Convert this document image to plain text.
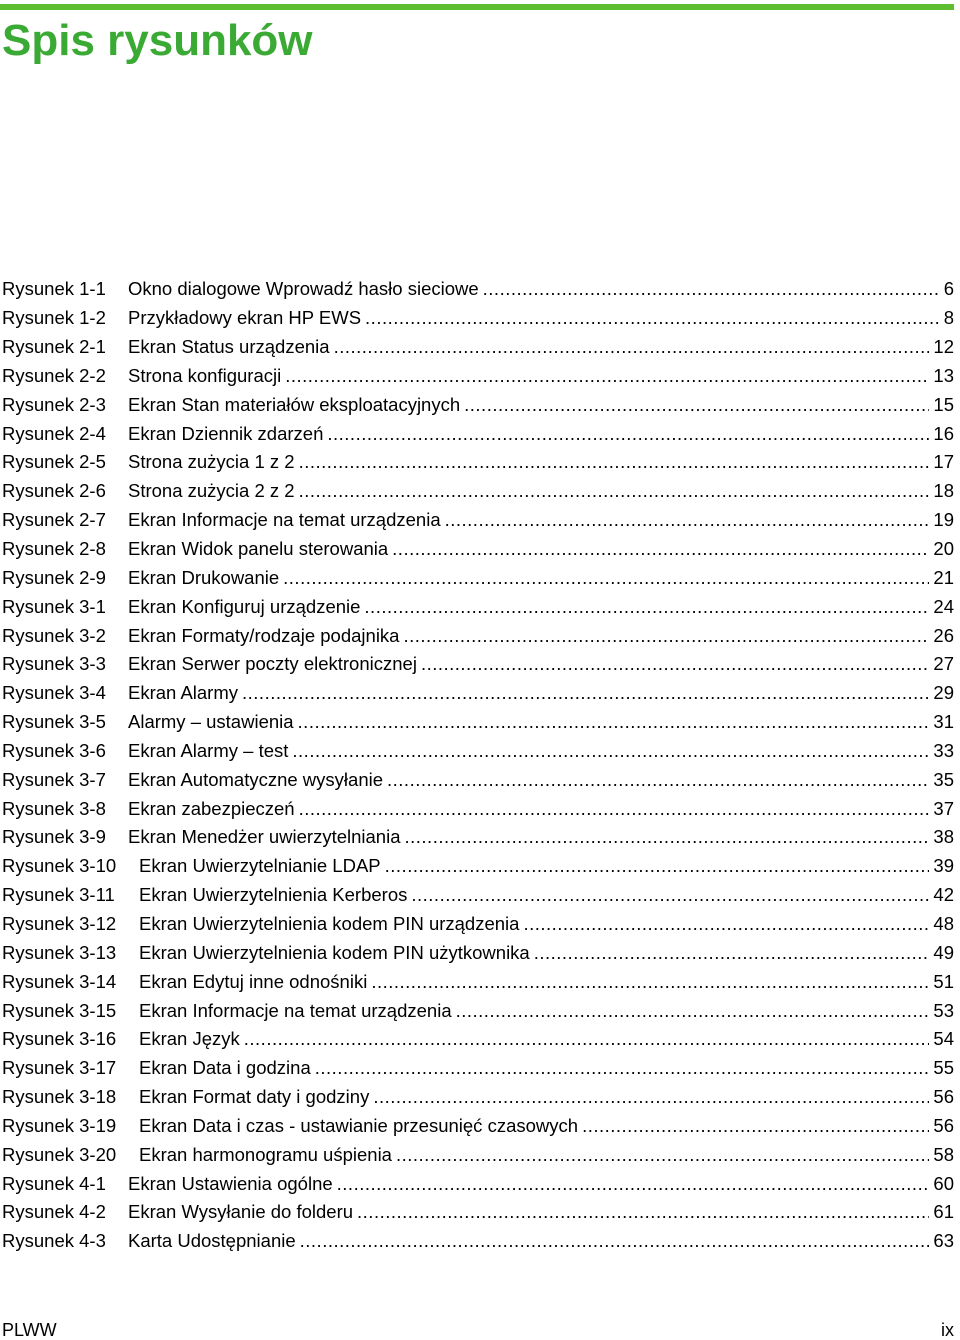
Spis rysunków
Rysunek 1-1 Okno dialogowe Wprowadź hasło sieciowe .....	6
Rysunek 1-2 Przykładowy ekran HP EWS .....	8
Rysunek 2-1 Ekran Status urządzenia .....	12
Rysunek 2-2 Strona konfiguracji .....	13
Rysunek 2-3 Ekran Stan materiałów eksploatacyjnych .....	15
Rysunek 2-4 Ekran Dziennik zdarzeń .....	16
Rysunek 2-5 Strona zużycia 1 z 2 .....	17
Rysunek 2-6 Strona zużycia 2 z 2 .....	18
Rysunek 2-7 Ekran Informacje na temat urządzenia .....	19
Rysunek 2-8 Ekran Widok panelu sterowania .....	20
Rysunek 2-9 Ekran Drukowanie .....	21
Rysunek 3-1 Ekran Konfiguruj urządzenie .....	24
Rysunek 3-2 Ekran Formaty/rodzaje podajnika .....	26
Rysunek 3-3 Ekran Serwer poczty elektronicznej .....	27
Rysunek 3-4 Ekran Alarmy .....	29
Rysunek 3-5 Alarmy – ustawienia .....	31
Rysunek 3-6 Ekran Alarmy – test .....	33
Rysunek 3-7 Ekran Automatyczne wysyłanie .....	35
Rysunek 3-8 Ekran zabezpieczeń .....	37
Rysunek 3-9 Ekran Menedżer uwierzytelniania .....	38
Rysunek 3-10 Ekran Uwierzytelnianie LDAP .....	39
Rysunek 3-11 Ekran Uwierzytelnienia Kerberos .....	42
Rysunek 3-12 Ekran Uwierzytelnienia kodem PIN urządzenia .....	48
Rysunek 3-13 Ekran Uwierzytelnienia kodem PIN użytkownika .....	49
Rysunek 3-14 Ekran Edytuj inne odnośniki .....	51
Rysunek 3-15 Ekran Informacje na temat urządzenia .....	53
Rysunek 3-16 Ekran Język .....	54
Rysunek 3-17 Ekran Data i godzina .....	55
Rysunek 3-18 Ekran Format daty i godziny .....	56
Rysunek 3-19 Ekran Data i czas - ustawianie przesunięć czasowych .....	56
Rysunek 3-20 Ekran harmonogramu uśpienia .....	58
Rysunek 4-1 Ekran Ustawienia ogólne .....	60
Rysunek 4-2 Ekran Wysyłanie do folderu .....	61
Rysunek 4-3 Karta Udostępnianie .....	63
PLWW	ix
